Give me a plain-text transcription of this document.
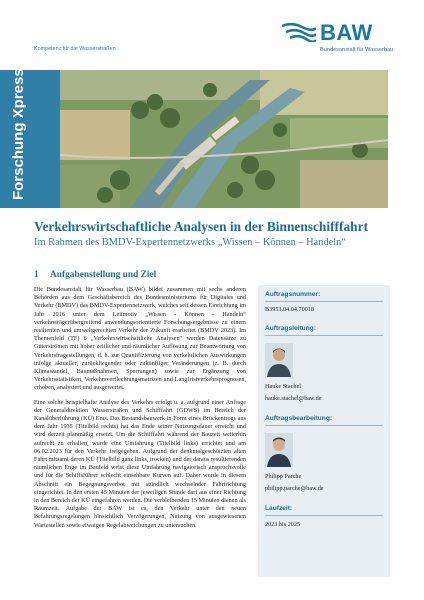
Kompetenz für die Wasserstraßen
BAW
Bundesanstalt für Wasserbau
Forschung Xpress
Verkehrswirtschaftliche Analysen in der Binnenschifffahrt
Im Rahmen des BMDV-Expertennetzwerks „Wissen – Können – Handeln“
1 Aufgabenstellung und Ziel

Die Bundesanstalt für Wasserbau (BAW) bildet zusammen mit sechs anderen Behörden aus dem Geschäftsbereich des Bundesministeriums für Digitales und Verkehr (BMDV) das BMDV-Expertennetzwerk, welches seit dessen Einrichtung im Jahr 2016 unter dem Leitmotiv „Wissen - Können - Handeln“ verkehrsträgerübergreifend anwendungsorientierte Forschungsergebnisse zu einem resilienten und umweltgerechten Verkehr der Zukunft erarbeitet (BMDV 2023). Im Themenfeld (TF) 6 „Verkehrswirtschaftliche Analysen“ werden Datensätze zu Güterströmen mit hoher zeitlicher und räumlicher Auflösung zur Beantwortung von Verkehrsfragestellungen, d. h. zur Quantifizierung von verkehrlichen Auswirkungen infolge aktueller, zurückliegender oder zukünftiger Veränderungen (z. B. durch Klimawandel, Baumaßnahmen, Sperrungen) sowie zur Ergänzung von Verkehrsstatistiken, Verkehrsverflechtungsmatrizen und Langfristverkehrsprognosen, erhoben, analysiert und ausgewertet.

Eine solche beispielhafte Analyse des Verkehrs erfolgt u. a. aufgrund einer Anfrage der Generaldirektion Wasserstraßen und Schifffahrt (GDWS) im Bereich der Kanalüberführung (KÜ) Ems. Das Bestandsbauwerk in Form eines Brückentrogs aus dem Jahr 1935 (Titelbild rechts) hat das Ende seiner Nutzungsdauer erreicht und wird derzeit planmäßig ersetzt. Um die Schifffahrt während der Bauzeit weiterhin aufrecht zu erhalten, wurde eine Umfahrung (Titelbild links) errichtet und am 06.02.2023 für den Verkehr freigegeben. Aufgrund der denkmalgeschützten alten Fahrt mitsamt deren KÜ (Titelbild ganz links, trocken) und der daraus resultierenden räumlichen Enge im Baufeld weist diese Umfahrung navigatorisch anspruchsvolle und für die Schiffsführer schlecht einsehbare Kurven auf. Daher wurde in diesem Abschnitt ein Begegnungsverbot mit stündlich wechselnder Fahrtrichtung eingerichtet. In den ersten 45 Minuten der jeweiligen Stunde darf aus einer Richtung in den Bereich der KÜ eingefahren werden. Die verbleibenden 15 Minuten dienen als Räumzeit. Aufgabe der BAW ist es, den Verkehr unter den neuen Befahrungsregelungen hinsichtlich Verzögerungen, Nutzung von ausgewiesenen Wartestellen sowie etwaigen Regelabweichungen zu untersuchen.

Auftragsnummer:
B3953.04.04.70018
Auftragsleitung:
Hauke Stachel
hauke.stachel@baw.de
Auftragsbearbeitung:
Philipp Parche
philipp.parche@baw.de
Laufzeit:
2023 bis 2025
